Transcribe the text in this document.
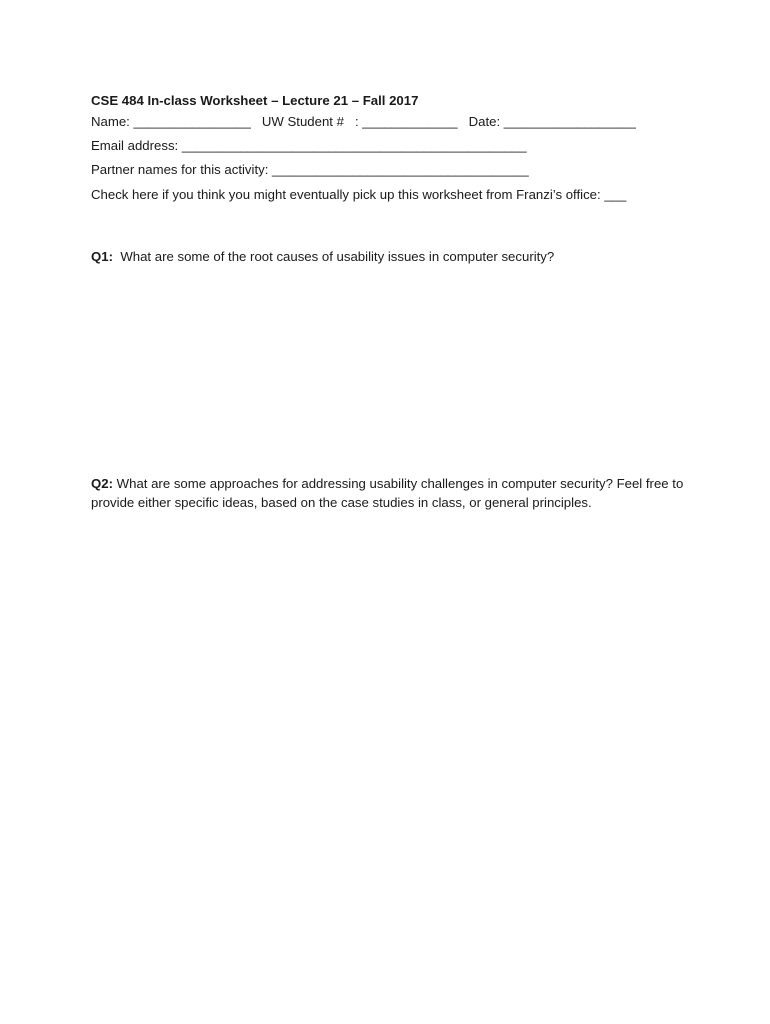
CSE 484 In-class Worksheet – Lecture 21 – Fall 2017
Name: ________________ UW Student #   : _____________ Date: __________________
Email address: _______________________________________________
Partner names for this activity: ___________________________________
Check here if you think you might eventually pick up this worksheet from Franzi’s office: ___
Q1: What are some of the root causes of usability issues in computer security?
Q2: What are some approaches for addressing usability challenges in computer security? Feel free to provide either specific ideas, based on the case studies in class, or general principles.
